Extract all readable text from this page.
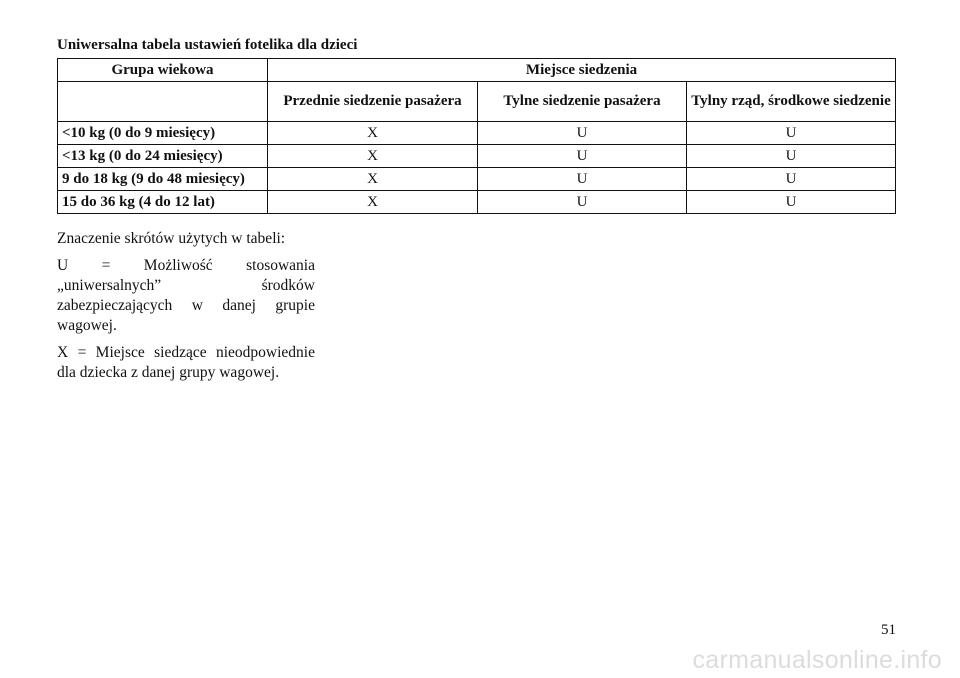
Uniwersalna tabela ustawień fotelika dla dzieci
Grupa wiekowa	Miejsce siedzenia		
	Przednie siedzenie pasażera	Tylne siedzenie pasażera	Tylny rząd, środkowe siedzenie
<10 kg (0 do 9 miesięcy)	X	U	U
<13 kg (0 do 24 miesięcy)	X	U	U
9 do 18 kg (9 do 48 miesięcy)	X	U	U
15 do 36 kg (4 do 12 lat)	X	U	U

Znaczenie skrótów użytych w tabeli:

U = Możliwość stosowania „uniwersalnych” środków zabezpieczających w danej grupie wagowej.

X = Miejsce siedzące nieodpowiednie dla dziecka z danej grupy wagowej.

51
carmanualsonline.info
